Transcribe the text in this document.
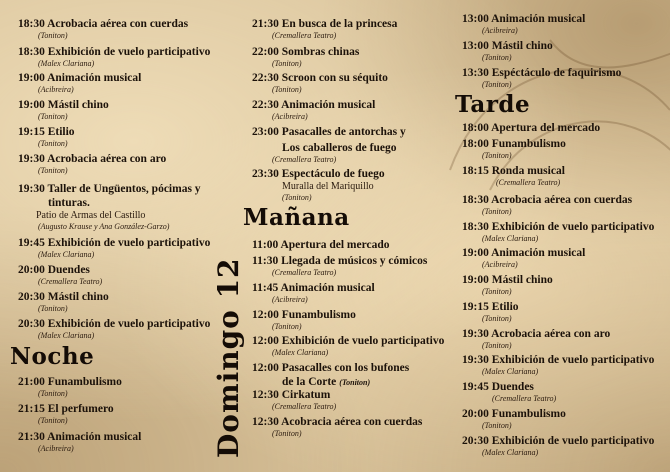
18:30 Acrobacia aérea con cuerdas
(Toniton)
18:30 Exhibición de vuelo participativo
(Malex Clariana)
19:00 Animación musical
(Acibreira)
19:00 Mástil chino
(Toniton)
19:15 Etilio
(Toniton)
19:30 Acrobacia aérea con aro
(Toniton)
19:30 Taller de Ungüentos, pócimas y
tinturas.
Patio de Armas del Castillo
(Augusto Krause y Ana González-Garzo)
19:45 Exhibición de vuelo participativo
(Malex Clariana)
20:00 Duendes
(Cremallera Teatro)
20:30 Mástil chino
(Toniton)
20:30 Exhibición de vuelo participativo
(Malex Clariana)
Noche
21:00 Funambulismo
(Toniton)
21:15 El perfumero
(Toniton)
21:30 Animación musical
(Acibreira)	Domingo 12
21:30 En busca de la princesa
(Cremallera Teatro)
22:00 Sombras chinas
(Toniton)
22:30 Scroon con su séquito
(Toniton)
22:30 Animación musical
(Acibreira)
23:00 Pasacalles de antorchas y
Los caballeros de fuego
(Cremallera Teatro)
23:30 Espectáculo de fuego
Muralla del Mariquillo
(Toniton)
Mañana
11:00 Apertura del mercado
11:30 Llegada de músicos y cómicos
(Cremallera Teatro)
11:45 Animación musical
(Acibreira)
12:00 Funambulismo
(Toniton)
12:00 Exhibición de vuelo participativo
(Malex Clariana)
12:00 Pasacalles con los bufones
de la Corte (Toniton)
12:30 Cirkatum
(Cremallera Teatro)
12:30 Acobracia aérea con cuerdas
(Toniton)
13:00 Animación musical
(Acibreira)
13:00 Mástil chino
(Toniton)
13:30 Espéctáculo de faquirismo
(Toniton)
Tarde
18:00 Apertura del mercado
18:00 Funambulismo
(Toniton)
18:15 Ronda musical
(Cremallera Teatro)
18:30 Acrobacia aérea con cuerdas
(Toniton)
18:30 Exhibición de vuelo participativo
(Malex Clariana)
19:00 Animación musical
(Acibreira)
19:00 Mástil chino
(Toniton)
19:15 Etilio
(Toniton)
19:30 Acrobacia aérea con aro
(Toniton)
19:30 Exhibición de vuelo participativo
(Malex Clariana)
19:45 Duendes
(Cremallera Teatro)
20:00 Funambulismo
(Toniton)
20:30 Exhibición de vuelo participativo
(Malex Clariana)
